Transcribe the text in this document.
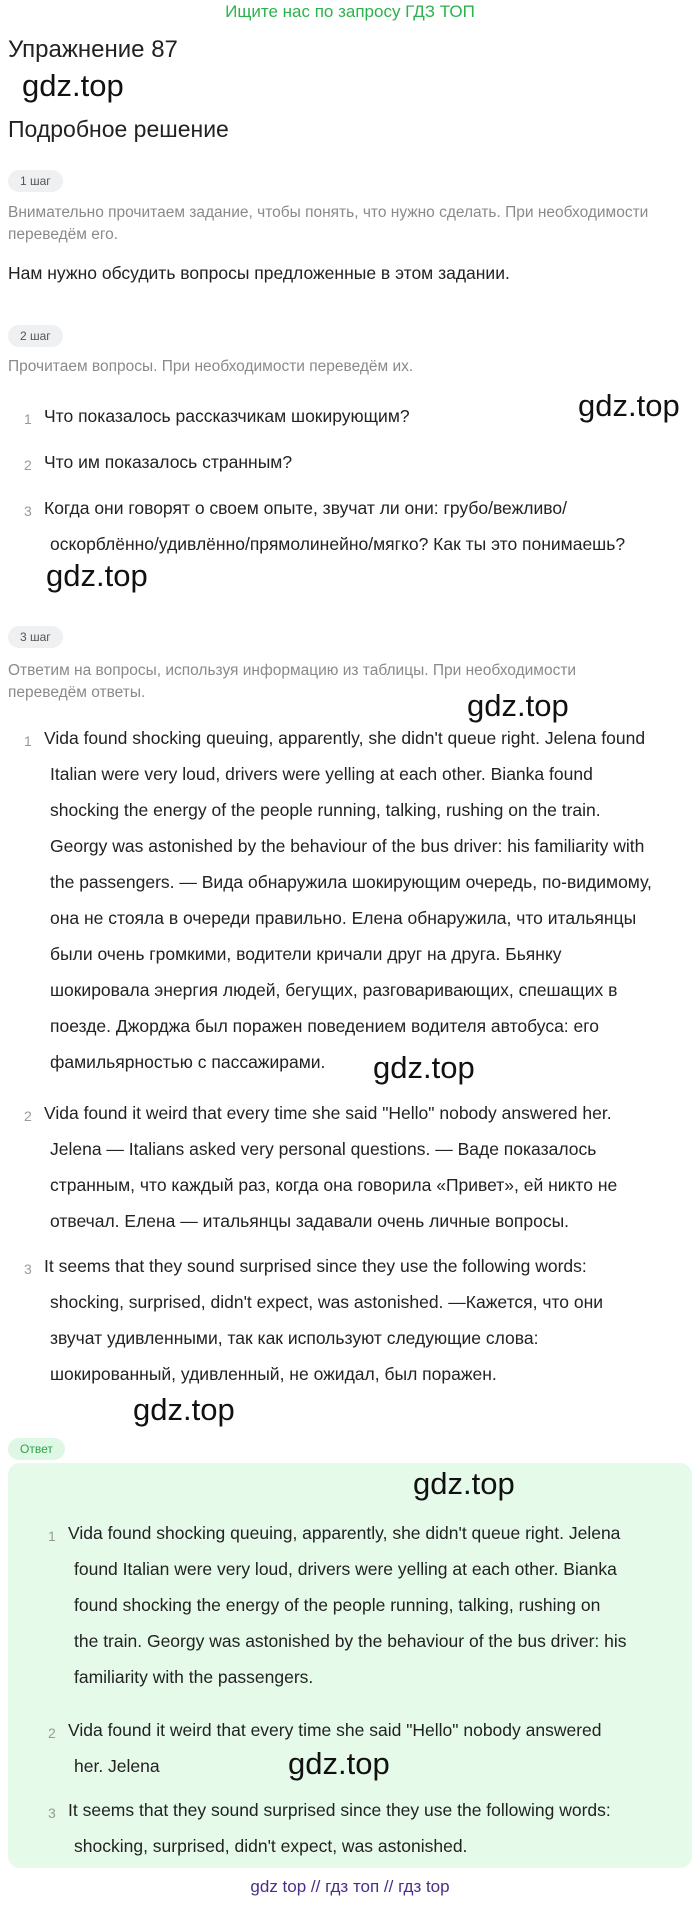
Ищите нас по запросу ГДЗ ТОП
Упражнение 87
gdz.top
Подробное решение
1 шаг
Внимательно прочитаем задание, чтобы понять, что нужно сделать. При необходимости
переведём его.
Нам нужно обсудить вопросы предложенные в этом задании.
2 шаг
Прочитаем вопросы. При необходимости переведём их.
gdz.top
1 Что показалось рассказчикам шокирующим?
2 Что им показалось странным?
3 Когда они говорят о своем опыте, звучат ли они: грубо/вежливо/
оскорблённо/удивлённо/прямолинейно/мягко? Как ты это понимаешь?
gdz.top
3 шаг
Ответим на вопросы, используя информацию из таблицы. При необходимости
переведём ответы.	gdz.top
1 Vida found shocking queuing, apparently, she didn't queue right. Jelena found
Italian were very loud, drivers were yelling at each other. Bianka found
shocking the energy of the people running, talking, rushing on the train.
Georgy was astonished by the behaviour of the bus driver: his familiarity with
the passengers. — Вида обнаружила шокирующим очередь, по-видимому,
она не стояла в очереди правильно. Елена обнаружила, что итальянцы
были очень громкими, водители кричали друг на друга. Бьянку
шокировала энергия людей, бегущих, разговаривающих, спешащих в
поезде. Джорджа был поражен поведением водителя автобуса: его
фамильярностью с пассажирами.	gdz.top
2 Vida found it weird that every time she said "Hello" nobody answered her.
Jelena — Italians asked very personal questions. — Ваде показалось
странным, что каждый раз, когда она говорила «Привет», ей никто не
отвечал. Елена — итальянцы задавали очень личные вопросы.
3 It seems that they sound surprised since they use the following words:
shocking, surprised, didn't expect, was astonished. —Кажется, что они
звучат удивленными, так как используют следующие слова:
шокированный, удивленный, не ожидал, был поражен.
gdz.top
Ответ
gdz.top
1 Vida found shocking queuing, apparently, she didn't queue right. Jelena
found Italian were very loud, drivers were yelling at each other. Bianka
found shocking the energy of the people running, talking, rushing on
the train. Georgy was astonished by the behaviour of the bus driver: his
familiarity with the passengers.
2 Vida found it weird that every time she said "Hello" nobody answered
her. Jelena	gdz.top
3 It seems that they sound surprised since they use the following words:
shocking, surprised, didn't expect, was astonished.
gdz top // гдз топ // гдз top
